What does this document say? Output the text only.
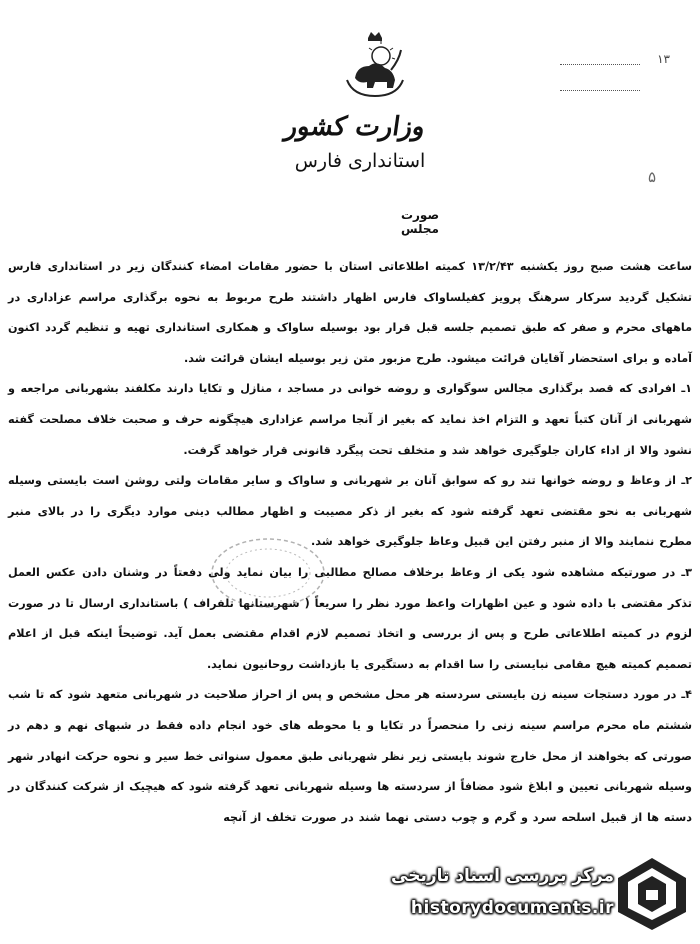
۱۳
وزارت کشور
استانداری فارس
۵
صورت مجلس

ساعت هشت صبح روز یکشنبه ۱۳/۲/۴۳ کمیته اطلاعاتی استان با حضور مقامات امضاء کنندگان زیر در استانداری فارس تشکیل گردید سرکار سرهنگ پرویز کفیلساواک فارس اظهار داشتند طرح مربوط به نحوه برگذاری مراسم عزاداری در ماههای محرم و صفر که طبق تصمیم جلسه قبل قرار بود بوسیله ساواک و همکاری استانداری تهیه و تنظیم گردد اکنون آماده و برای استحضار آقایان قرائت میشود. طرح مزبور متن زیر بوسیله ایشان قرائت شد.

۱ـ افرادی که قصد برگذاری مجالس سوگواری و روضه خوانی در مساجد ، منازل و تکایا دارند مکلفند بشهربانی مراجعه و شهربانی از آنان کتباً تعهد و التزام اخذ نماید که بغیر از آنجا مراسم عزاداری هیچگونه حرف و صحبت خلاف مصلحت گفته نشود والا از اداء کاران جلوگیری خواهد شد و متخلف تحت پیگرد قانونی قرار خواهد گرفت.

۲ـ از وعاظ و روضه خوانها تند رو که سوابق آنان بر شهربانی و ساواک و سایر مقامات ولتی روشن است بایستی وسیله شهربانی به نحو مقتضی تعهد گرفته شود که بغیر از ذکر مصیبت و اظهار مطالب دینی موارد دیگری را در بالای منبر مطرح ننمایند والا از منبر رفتن این قبیل وعاظ جلوگیری خواهد شد.

۳ـ در صورتیکه مشاهده شود یکی از وعاظ برخلاف مصالح مطالبی را بیان نماید ولی دفعتاً در وشنان دادن عکس العمل تذکر مقتضی با داده شود و عین اظهارات واعظ مورد نظر را سریعاً ( شهرستانها تلفراف ) باستانداری ارسال تا در صورت لزوم در کمیته اطلاعاتی طرح و پس از بررسی و اتخاذ تصمیم لازم اقدام مقتضی بعمل آید. توضیحاً اینکه قبل از اعلام تصمیم کمیته هیچ مقامی نبایستی را سا اقدام به دستگیری یا بازداشت روحانیون نماید.

۴ـ در مورد دستجات سینه زن بایستی سردسته هر محل مشخص و پس از احراز صلاحیت در شهربانی متعهد شود که تا شب ششتم ماه محرم مراسم سینه زنی را منحصراً در تکایا و یا محوطه های خود انجام داده فقط در شبهای نهم و دهم در صورتی که بخواهند از محل خارج شوند بایستی زیر نظر شهربانی طبق معمول سنواتی خط سیر و نحوه حرکت انهادر شهر وسیله شهربانی تعیین و ابلاغ شود مضافاً از سردسته ها وسیله شهربانی تعهد گرفته شود که هیچیک از شرکت کنندگان در دسته ها از قبیل اسلحه سرد و گرم و چوب دستی نهما شند در صورت تخلف از آنچه

مرکز بررسی اسناد تاریخی
historydocuments.ir
